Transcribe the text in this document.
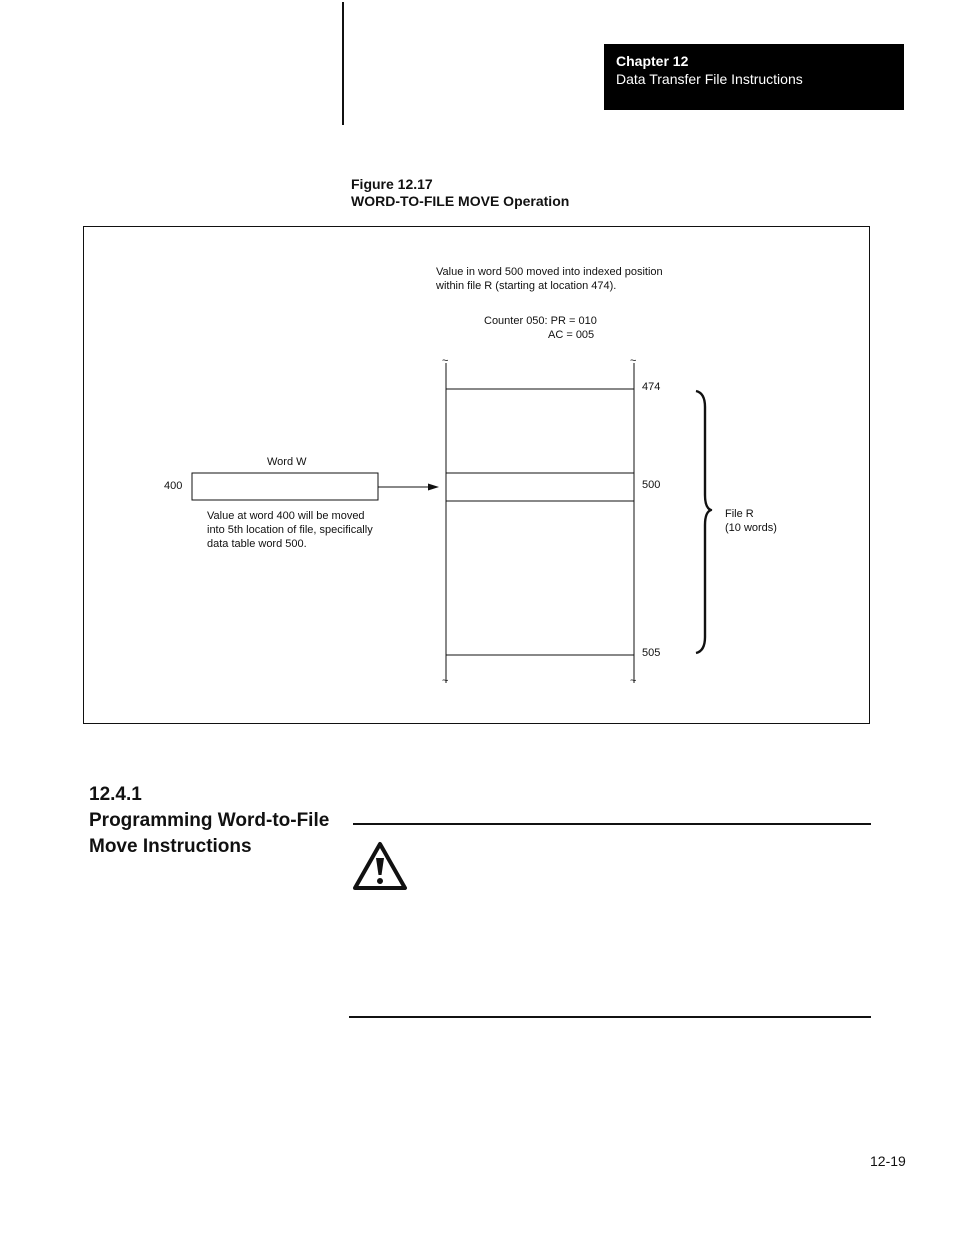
Chapter 12
Data Transfer File Instructions
Figure 12.17
WORD-TO-FILE MOVE Operation
Value in word 500 moved into indexed position
within file R (starting at location 474).
Counter 050: PR = 010
AC = 005
~	~
~	~
474
500
505
Word W
400
Value at word 400 will be moved
into 5th location of file, specifically
data table word 500.
File R
(10 words)
12.4.1
Programming Word-to-File
Move Instructions
12-19
